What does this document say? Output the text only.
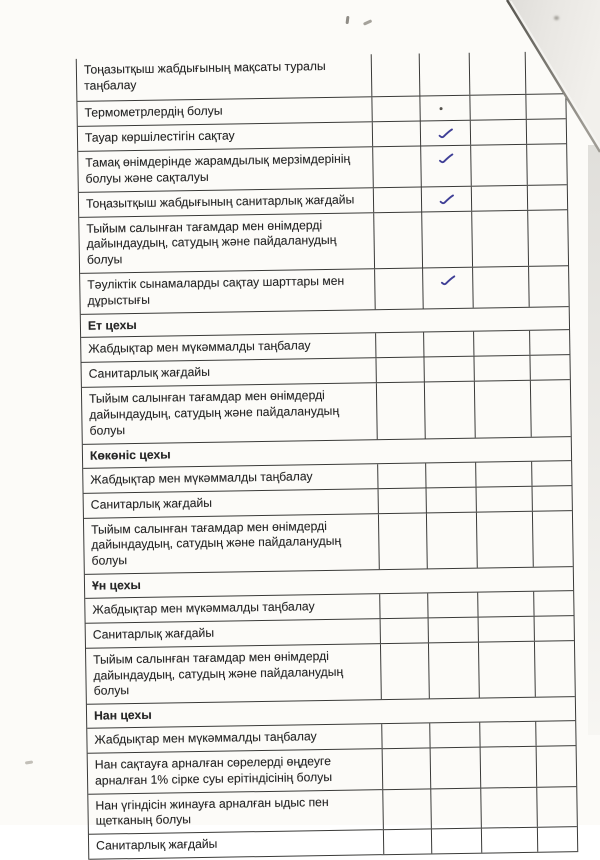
Тоңазытқыш жабдығының мақсаты туралы таңбалау
Термометрлердің болуы
Тауар көршілестігін сақтау
Тамақ өнімдерінде жарамдылық мерзімдерінің болуы және сақталуы
Тоңазытқыш жабдығының санитарлық жағдайы
Тыйым салынған тағамдар мен өнімдерді дайындаудың, сатудың және пайдаланудың болуы
Тәуліктік сынамаларды сақтау шарттары мен дұрыстығы
Ет цехы
Жабдықтар мен мүкәммалды таңбалау
Санитарлық жағдайы
Тыйым салынған тағамдар мен өнімдерді дайындаудың, сатудың және пайдаланудың болуы
Көкөніс цехы
Жабдықтар мен мүкәммалды таңбалау
Санитарлық жағдайы
Тыйым салынған тағамдар мен өнімдерді дайындаудың, сатудың және пайдаланудың болуы
Ұн цехы
Жабдықтар мен мүкәммалды таңбалау
Санитарлық жағдайы
Тыйым салынған тағамдар мен өнімдерді дайындаудың, сатудың және пайдаланудың болуы
Нан цехы
Жабдықтар мен мүкәммалды таңбалау
Нан сақтауға арналған сөрелерді өңдеуге арналған 1% сірке суы ерітіндісінің болуы
Нан үгіндісін жинауға арналған ыдыс пен щетканың болуы
Санитарлық жағдайы
